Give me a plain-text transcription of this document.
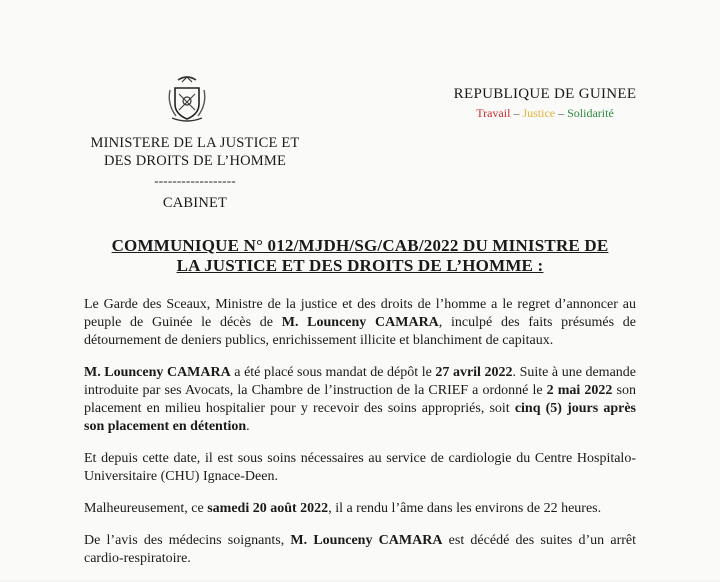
MINISTERE DE LA JUSTICE ET
DES DROITS DE L’HOMME
------------------
CABINET
REPUBLIQUE DE GUINEE
Travail – Justice – Solidarité
COMMUNIQUE N° 012/MJDH/SG/CAB/2022 DU MINISTRE DE
LA JUSTICE ET DES DROITS DE L’HOMME :

Le Garde des Sceaux, Ministre de la justice et des droits de l’homme a le regret d’annoncer au peuple de Guinée le décès de M. Lounceny CAMARA, inculpé des faits présumés de détournement de deniers publics, enrichissement illicite et blanchiment de capitaux.

M. Lounceny CAMARA a été placé sous mandat de dépôt le 27 avril 2022. Suite à une demande introduite par ses Avocats, la Chambre de l’instruction de la CRIEF a ordonné le 2 mai 2022 son placement en milieu hospitalier pour y recevoir des soins appropriés, soit cinq (5) jours après son placement en détention.

Et depuis cette date, il est sous soins nécessaires au service de cardiologie du Centre Hospitalo-Universitaire (CHU) Ignace-Deen.

Malheureusement, ce samedi 20 août 2022, il a rendu l’âme dans les environs de 22 heures.

De l’avis des médecins soignants, M. Lounceny CAMARA est décédé des suites d’un arrêt cardio-respiratoire.
